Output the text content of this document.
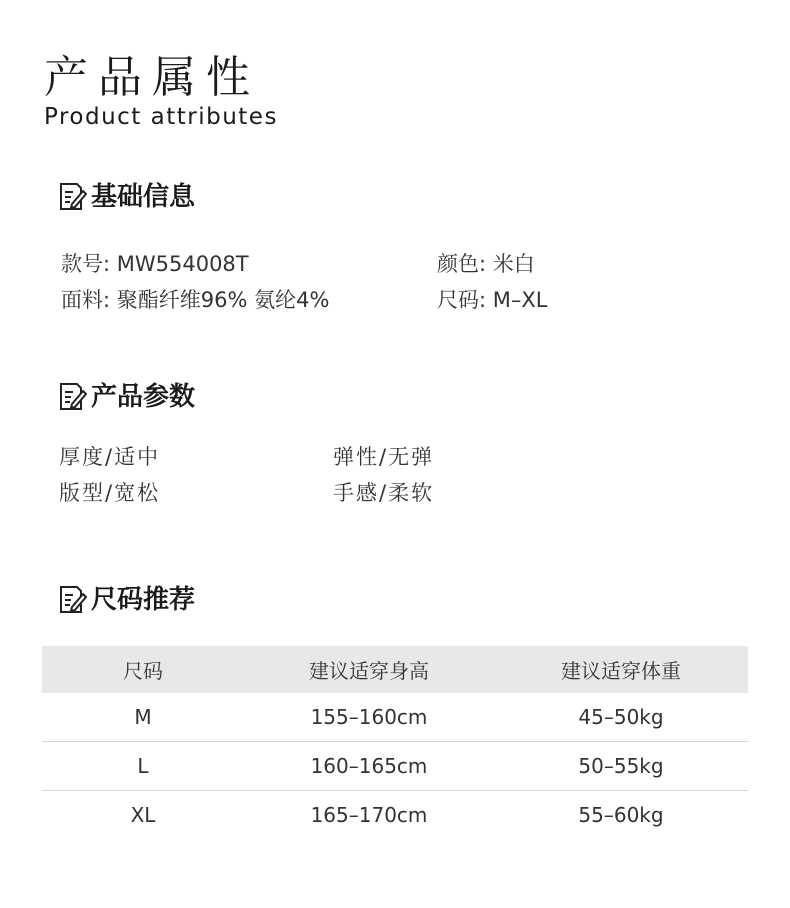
产品属性
Product attributes
基础信息
款号: MW554008T	颜色: 米白
面料: 聚酯纤维96% 氨纶4%	尺码: M–XL
产品参数
厚度/适中	弹性/无弹
版型/宽松	手感/柔软
尺码推荐
尺码	建议适穿身高	建议适穿体重
M	155–160cm	45–50kg
L	160–165cm	50–55kg
XL	165–170cm	55–60kg
